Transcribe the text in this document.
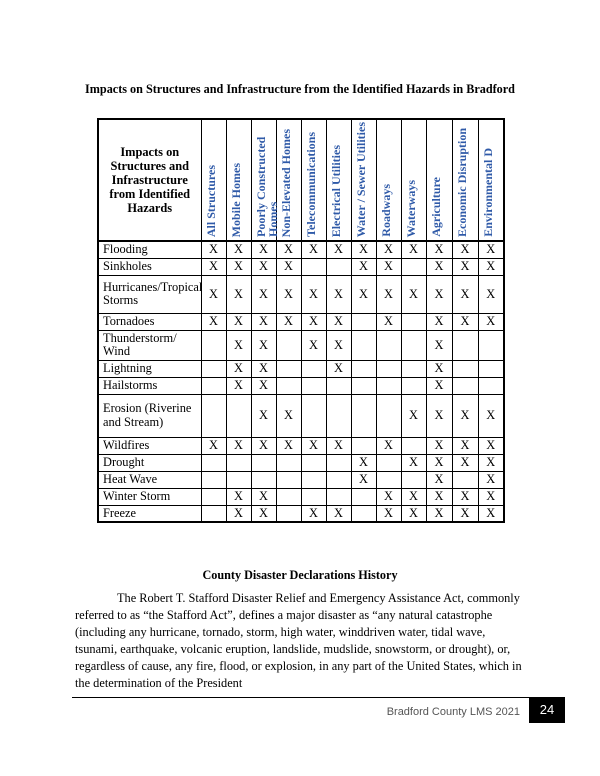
Impacts on Structures and Infrastructure from the Identified Hazards in Bradford
Impacts on Structures and Infrastructure from Identified Hazards	All Structures	Mobile Homes	Poorly Constructed Homes	Non-Elevated Homes	Telecommunications	Electrical Utilities	Water / Sewer Utilities	Roadways	Waterways	Agriculture	Economic Disruption	Environmental D

Flooding	X	X	X	X	X	X	X	X	X	X	X	X
Sinkholes	X	X	X	X			X	X		X	X	X
Hurricanes/Tropical Storms	X	X	X	X	X	X	X	X	X	X	X	X
Tornadoes	X	X	X	X	X	X		X		X	X	X
Thunderstorm/ Wind		X	X		X	X				X		
Lightning		X	X			X				X		
Hailstorms		X	X							X		
Erosion (Riverine and Stream)			X	X					X	X	X	X
Wildfires	X	X	X	X	X	X		X		X	X	X
Drought							X		X	X	X	X
Heat Wave							X			X		X
Winter Storm		X	X					X	X	X	X	X
Freeze		X	X		X	X		X	X	X	X	X
County Disaster Declarations History

The Robert T. Stafford Disaster Relief and Emergency Assistance Act, commonly referred to as “the Stafford Act”, defines a major disaster as “any natural catastrophe (including any hurricane, tornado, storm, high water, winddriven water, tidal wave, tsunami, earthquake, volcanic eruption, landslide, mudslide, snowstorm, or drought), or, regardless of cause, any fire, flood, or explosion, in any part of the United States, which in the determination of the President

Bradford County LMS 2021	24
